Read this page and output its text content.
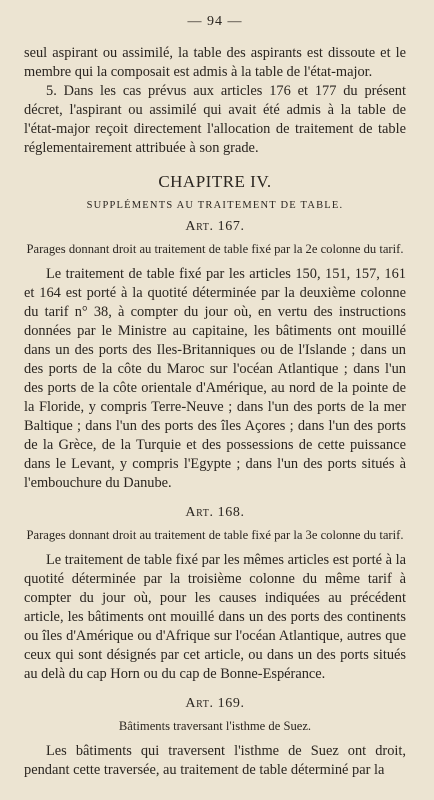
— 94 —

seul aspirant ou assimilé, la table des aspirants est dissoute et le membre qui la composait est admis à la table de l'état-major.

5. Dans les cas prévus aux articles 176 et 177 du présent décret, l'aspirant ou assimilé qui avait été admis à la table de l'état-major reçoit directement l'allocation de traitement de table réglementairement attribuée à son grade.

CHAPITRE IV.
SUPPLÉMENTS AU TRAITEMENT DE TABLE.
Art. 167.
Parages donnant droit au traitement de table fixé par la 2e colonne du tarif.

Le traitement de table fixé par les articles 150, 151, 157, 161 et 164 est porté à la quotité déterminée par la deuxième colonne du tarif n° 38, à compter du jour où, en vertu des instructions données par le Ministre au capitaine, les bâtiments ont mouillé dans un des ports des Iles-Britanniques ou de l'Islande ; dans un des ports de la côte du Maroc sur l'océan Atlantique ; dans l'un des ports de la côte orientale d'Amérique, au nord de la pointe de la Floride, y compris Terre-Neuve ; dans l'un des ports de la mer Baltique ; dans l'un des ports des îles Açores ; dans l'un des ports de la Grèce, de la Turquie et des possessions de cette puissance dans le Levant, y compris l'Egypte ; dans l'un des ports situés à l'embouchure du Danube.

Art. 168.
Parages donnant droit au traitement de table fixé par la 3e colonne du tarif.

Le traitement de table fixé par les mêmes articles est porté à la quotité déterminée par la troisième colonne du même tarif à compter du jour où, pour les causes indiquées au précédent article, les bâtiments ont mouillé dans un des ports des continents ou îles d'Amérique ou d'Afrique sur l'océan Atlantique, autres que ceux qui sont désignés par cet article, ou dans un des ports situés au delà du cap Horn ou du cap de Bonne-Espérance.

Art. 169.
Bâtiments traversant l'isthme de Suez.

Les bâtiments qui traversent l'isthme de Suez ont droit, pendant cette traversée, au traitement de table déterminé par la
